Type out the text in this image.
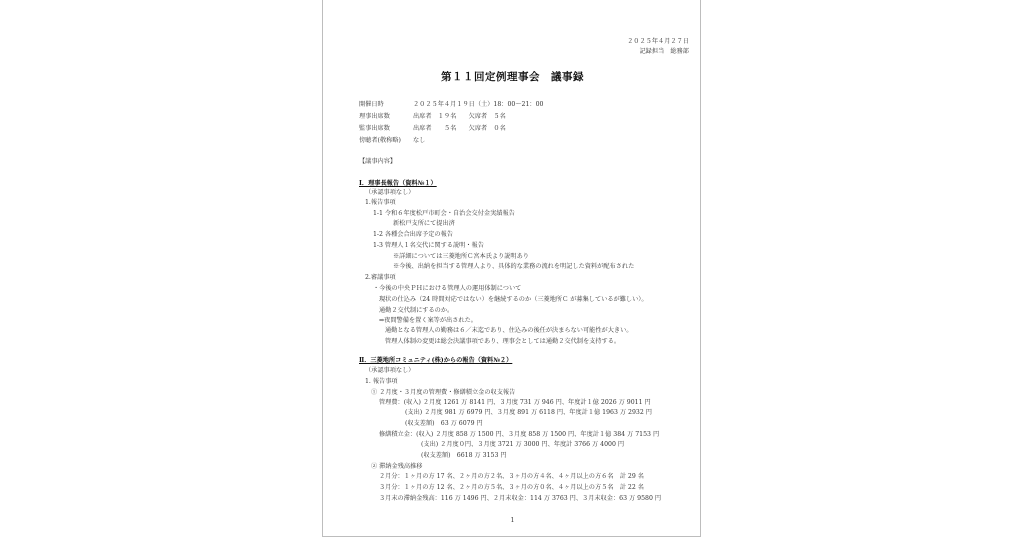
２０２５年４月２７日
記録担当　総務部
第１１回定例理事会　議事録
開催日時	２０２５年４月１９日（土）18：00～21：00
理事出席数	出席者　１９名　　欠席者　５名
監事出席数	出席者　　５名　　欠席者　０名
傍聴者(敬称略) なし
【議事内容】
Ⅰ．理事長報告（資料№１）
（承認事項なし）
1.報告事項
1-1 令和６年度松戸市町会・自治会交付金実績報告
新松戸支所にて提出済
1-2 各種会合出席予定の報告
1-3 管理人１名交代に関する説明・報告
※詳細については三菱地所Ｃ宮本氏より説明あり
※今後、出納を担当する管理人より、具体的な業務の流れを明記した資料が配布された
2.審議事項
・今後の中央ＰＨにおける管理人の運用体制について
現状の仕込み（24 時間対応ではない）を継続するのか（三菱地所Ｃ が募集しているが難しい）。
通勤２交代制にするのか。
⇒夜間警備を置く案等が出された。
通勤となる管理人の勤務は６／末迄であり、住込みの後任が決まらない可能性が大きい。
管理人体制の変更は総会決議事項であり、理事会としては通勤２交代制を支持する。
Ⅱ．三菱地所コミュニティ(株)からの報告（資料№２）
（承認事項なし）
1. 報告事項
① ２月度・３月度の管理費・修繕積立金の収支報告
管理費：(収入) ２月度 1261 万 8141 円、３月度 731 万 946 円、年度計１億 2026 万 9011 円
(支出) ２月度 981 万 6979 円、３月度 891 万 6118 円、年度計１億 1963 万 2932 円
(収支差額)　63 万 6079 円
修繕積立金：(収入) ２月度 858 万 1500 円、３月度 858 万 1500 円、年度計１億 384 万 7153 円
(支出) ２月度０円、３月度 3721 万 3000 円、年度計 3766 万 4000 円
(収支差額)　6618 万 3153 円
② 滞納金残高推移
２月分：１ヶ月の方 17 名、２ヶ月の方２名、３ヶ月の方４名、４ヶ月以上の方６名　計 29 名
３月分：１ヶ月の方 12 名、２ヶ月の方５名、３ヶ月の方０名、４ヶ月以上の方５名　計 22 名
３月末の滞納金残高：116 万 1496 円、２月末収金：114 万 3763 円、３月末収金：63 万 9580 円
1
